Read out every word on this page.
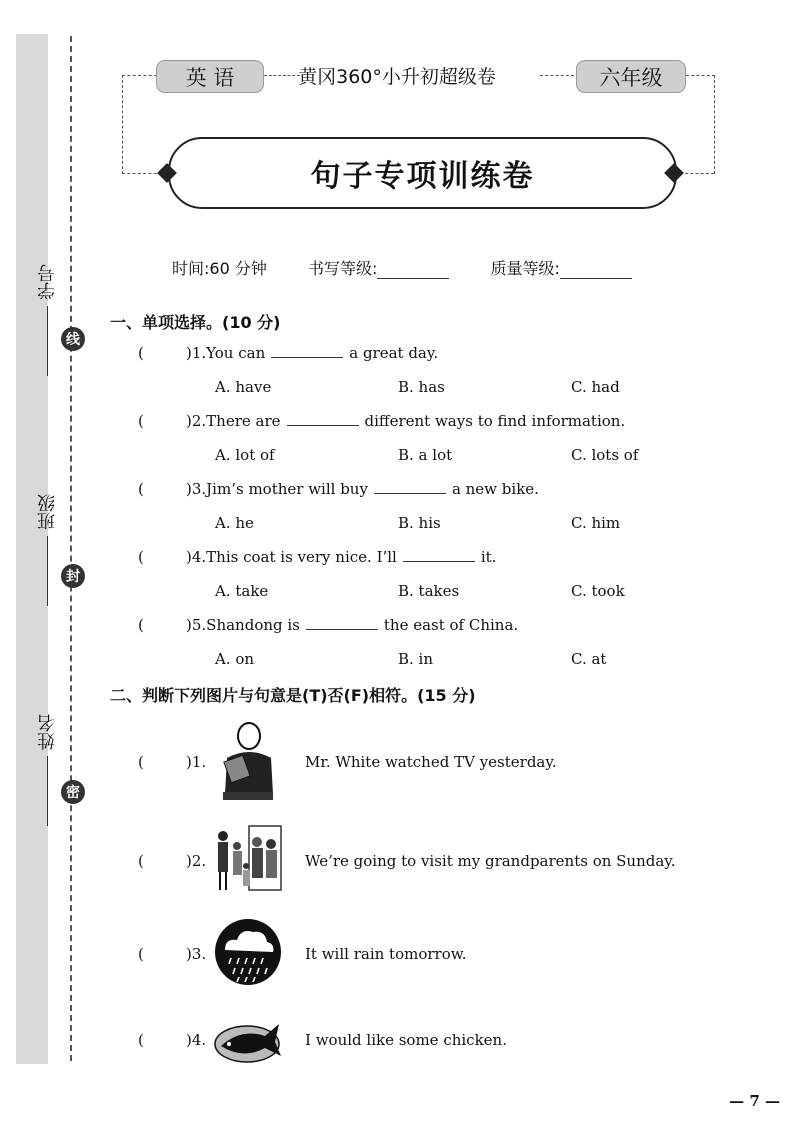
学号
班级
姓名
线
封
密
英 语	黄冈360°小升初超级卷	六年级
句子专项训练卷
时间:60 分钟	书写等级:	质量等级:
一、单项选择。(10 分)
(	)1.You can	a great day.
A. have	B. has	C. had
(	)2.There are	different ways to find information.
A. lot of	B. a lot	C. lots of
(	)3.Jim’s mother will buy	a new bike.
A. he	B. his	C. him
(	)4.This coat is very nice. I’ll	it.
A. take	B. takes	C. took
(	)5.Shandong is	the east of China.
A. on	B. in	C. at
二、判断下列图片与句意是(T)否(F)相符。(15 分)
(	)1.	Mr. White watched TV yesterday.
(	)2.	We’re going to visit my grandparents on Sunday.
(	)3.	It will rain tomorrow.
(	)4.	I would like some chicken.
— 7 —
